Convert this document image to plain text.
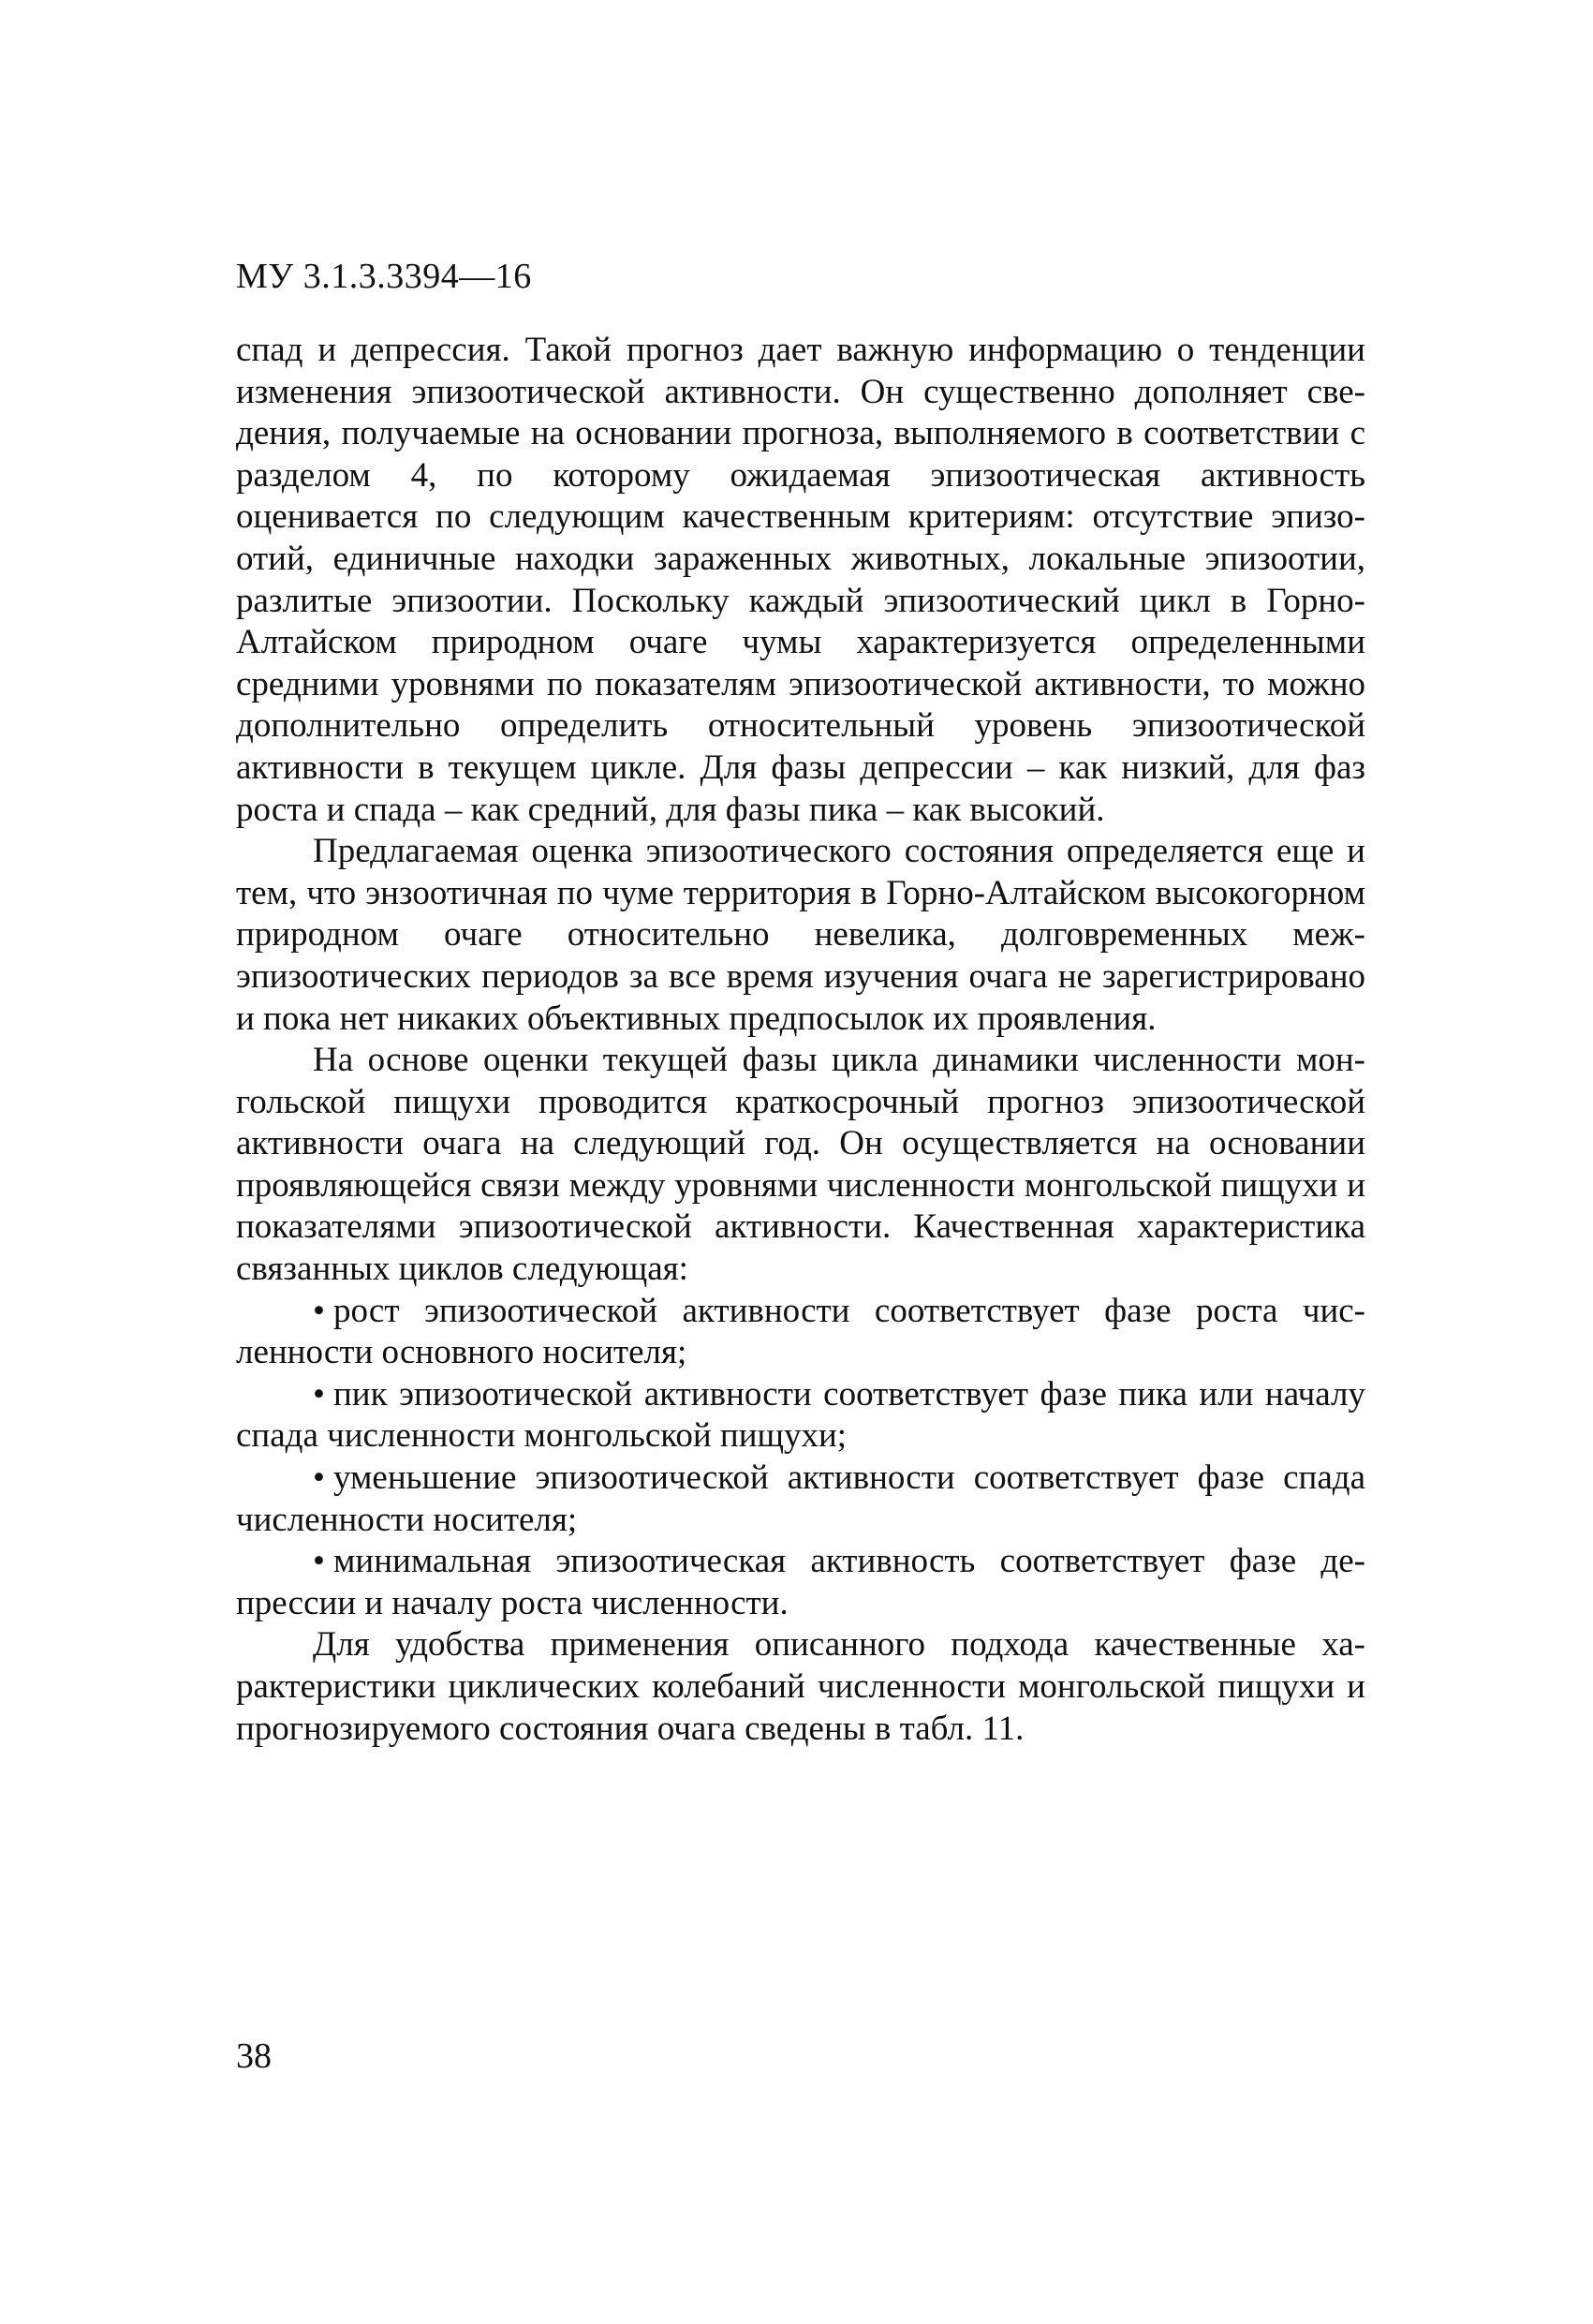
МУ 3.1.3.3394—16

спад и депрессия. Такой прогноз дает важную информацию о тенденции изменения эпизоотической активности. Он существенно дополняет сведения, получаемые на основании прогноза, выполняемого в соответствии с разделом 4, по которому ожидаемая эпизоотическая активность оценивается по следующим качественным критериям: отсутствие эпизоотий, единичные находки зараженных животных, локальные эпизоотии, разлитые эпизоотии. Поскольку каждый эпизоотический цикл в Горно-Алтайском природном очаге чумы характеризуется определенными средними уровнями по показателям эпизоотической активности, то можно дополнительно определить относительный уровень эпизоотической активности в текущем цикле. Для фазы депрессии – как низкий, для фаз роста и спада – как средний, для фазы пика – как высокий.

Предлагаемая оценка эпизоотического состояния определяется еще и тем, что энзоотичная по чуме территория в Горно-Алтайском высокогорном природном очаге относительно невелика, долговременных межэпизоотических периодов за все время изучения очага не зарегистрировано и пока нет никаких объективных предпосылок их проявления.

На основе оценки текущей фазы цикла динамики численности монгольской пищухи проводится краткосрочный прогноз эпизоотической активности очага на следующий год. Он осуществляется на основании проявляющейся связи между уровнями численности монгольской пищухи и показателями эпизоотической активности. Качественная характеристика связанных циклов следующая:

• рост эпизоотической активности соответствует фазе роста численности основного носителя;

• пик эпизоотической активности соответствует фазе пика или началу спада численности монгольской пищухи;

• уменьшение эпизоотической активности соответствует фазе спада численности носителя;

• минимальная эпизоотическая активность соответствует фазе депрессии и началу роста численности.

Для удобства применения описанного подхода качественные характеристики циклических колебаний численности монгольской пищухи и прогнозируемого состояния очага сведены в табл. 11.

38
